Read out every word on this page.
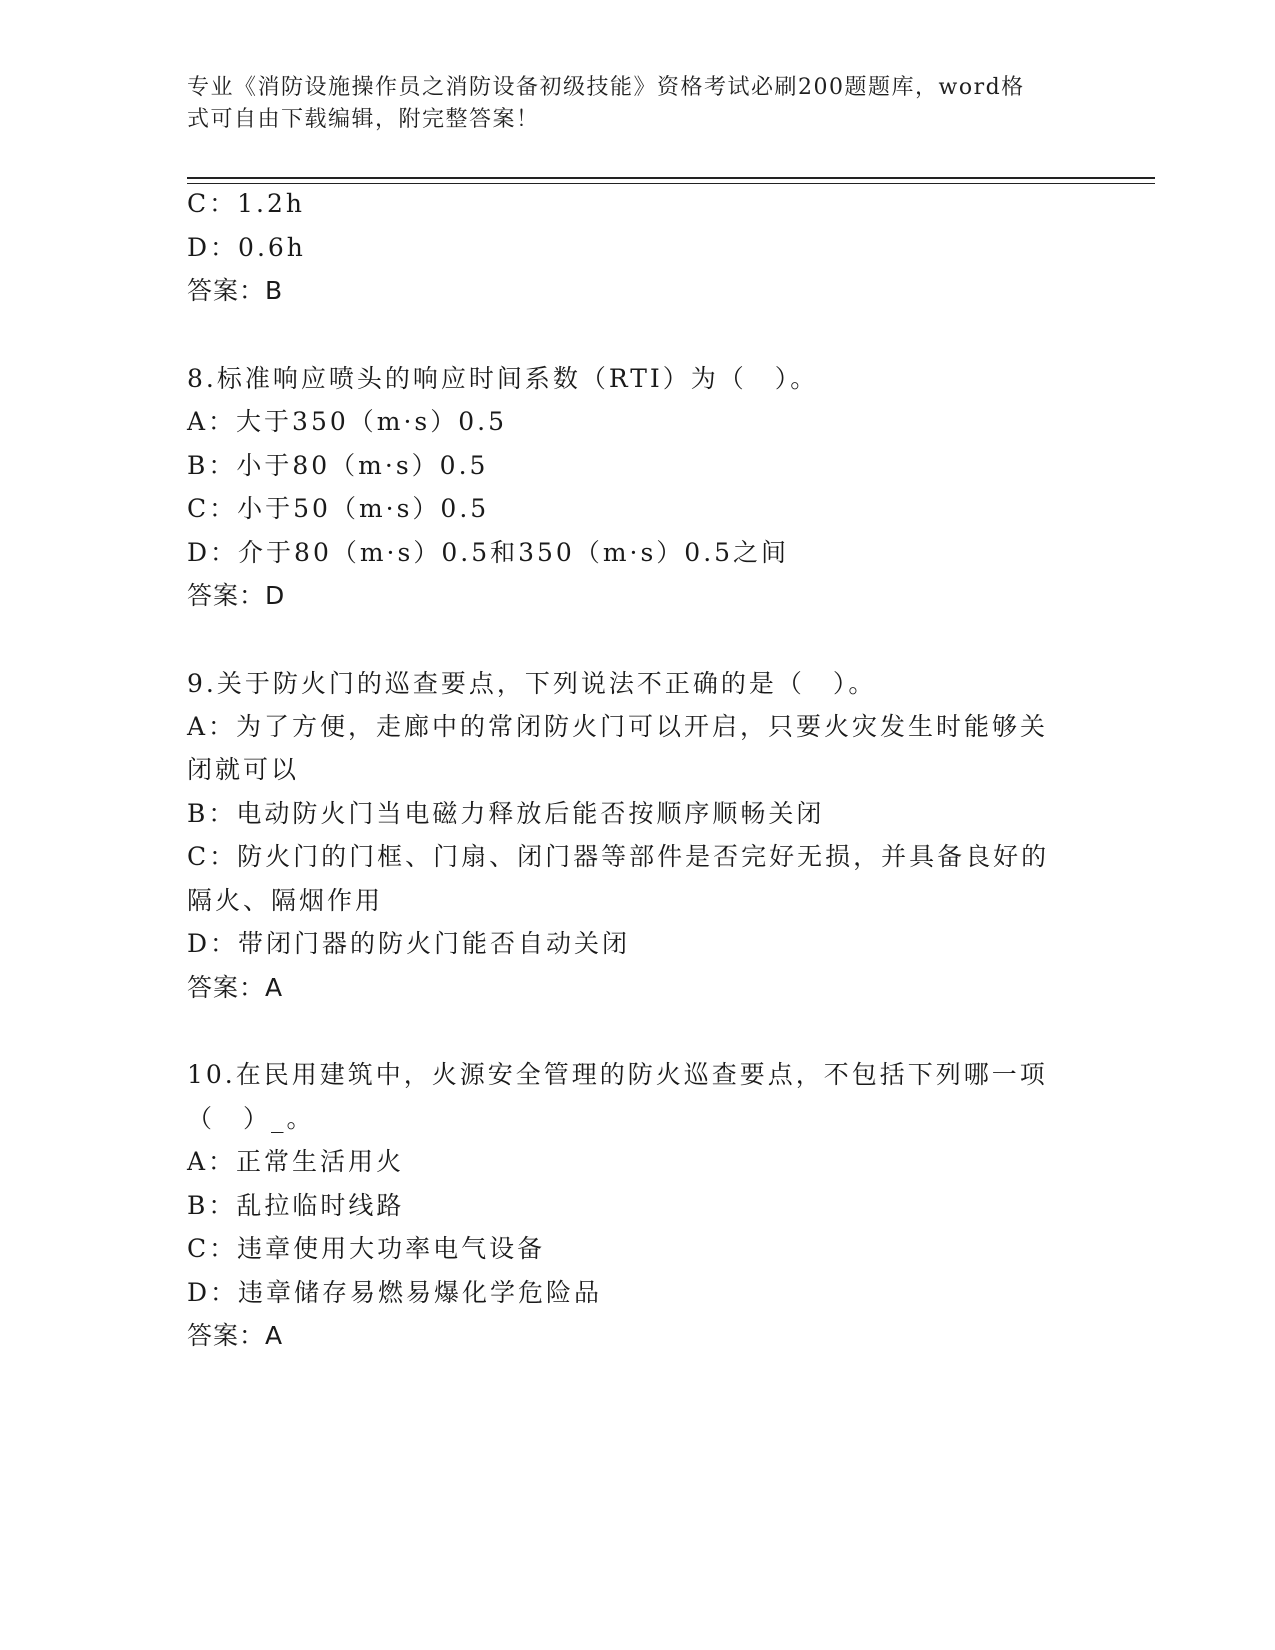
专业《消防设施操作员之消防设备初级技能》资格考试必刷200题题库，word格
式可自由下载编辑，附完整答案！
C：1.2h
D：0.6h
答案：B
8.标准响应喷头的响应时间系数（RTI）为（　）。
A：大于350（m·s）0.5
B：小于80（m·s）0.5
C：小于50（m·s）0.5
D：介于80（m·s）0.5和350（m·s）0.5之间
答案：D
9.关于防火门的巡查要点，下列说法不正确的是（　）。
A：为了方便，走廊中的常闭防火门可以开启，只要火灾发生时能够关
闭就可以
B：电动防火门当电磁力释放后能否按顺序顺畅关闭
C：防火门的门框、门扇、闭门器等部件是否完好无损，并具备良好的
隔火、隔烟作用
D：带闭门器的防火门能否自动关闭
答案：A
10.在民用建筑中，火源安全管理的防火巡查要点，不包括下列哪一项
（　）_。
A：正常生活用火
B：乱拉临时线路
C：违章使用大功率电气设备
D：违章储存易燃易爆化学危险品
答案：A
